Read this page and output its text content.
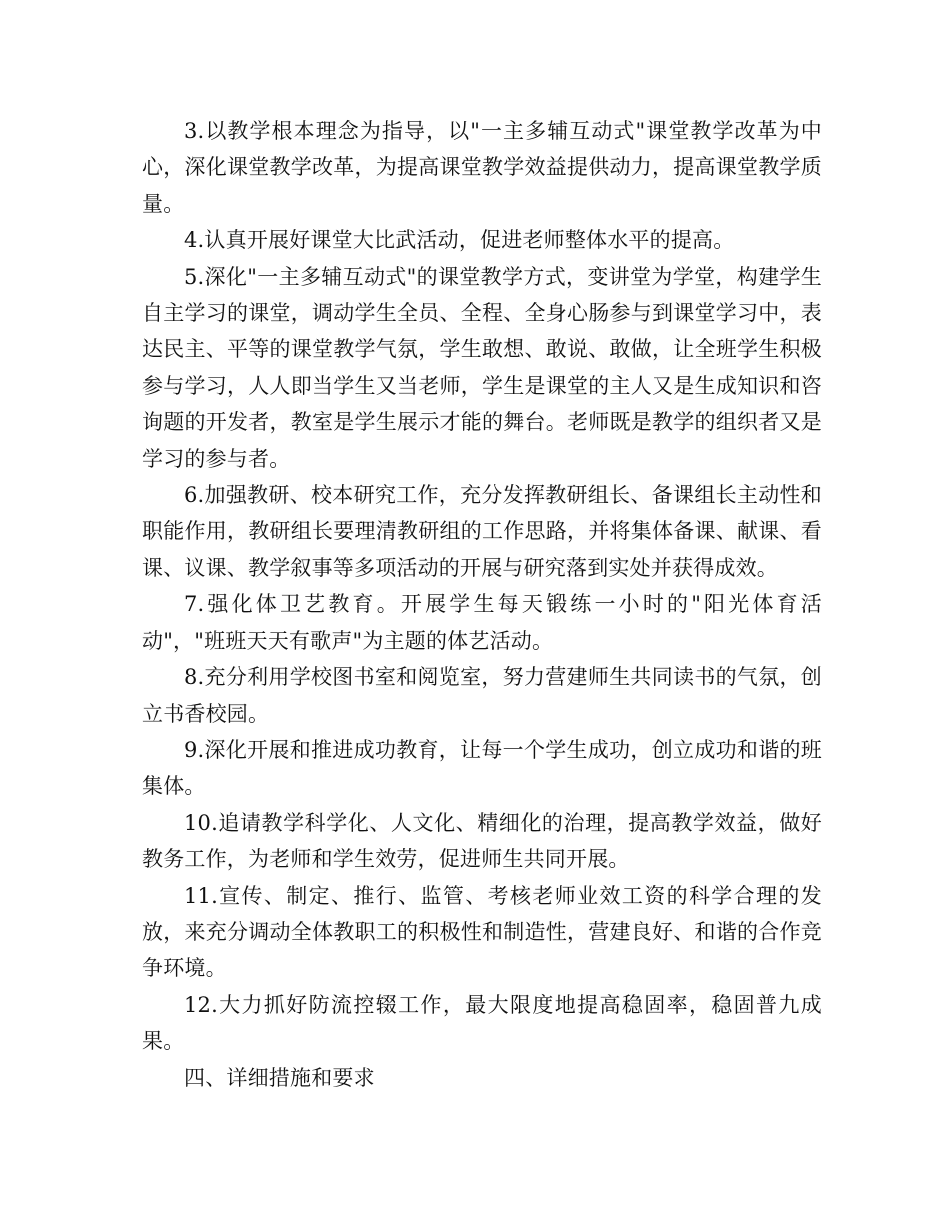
3.以教学根本理念为指导，以"一主多辅互动式"课堂教学改革为中心，深化课堂教学改革，为提高课堂教学效益提供动力，提高课堂教学质量。

4.认真开展好课堂大比武活动，促进老师整体水平的提高。

5.深化"一主多辅互动式"的课堂教学方式，变讲堂为学堂，构建学生自主学习的课堂，调动学生全员、全程、全身心肠参与到课堂学习中，表达民主、平等的课堂教学气氛，学生敢想、敢说、敢做，让全班学生积极参与学习，人人即当学生又当老师，学生是课堂的主人又是生成知识和咨询题的开发者，教室是学生展示才能的舞台。老师既是教学的组织者又是学习的参与者。

6.加强教研、校本研究工作，充分发挥教研组长、备课组长主动性和职能作用，教研组长要理清教研组的工作思路，并将集体备课、献课、看课、议课、教学叙事等多项活动的开展与研究落到实处并获得成效。

7.强化体卫艺教育。开展学生每天锻练一小时的"阳光体育活动"，"班班天天有歌声"为主题的体艺活动。

8.充分利用学校图书室和阅览室，努力营建师生共同读书的气氛，创立书香校园。

9.深化开展和推进成功教育，让每一个学生成功，创立成功和谐的班集体。

10.追请教学科学化、人文化、精细化的治理，提高教学效益，做好教务工作，为老师和学生效劳，促进师生共同开展。

11.宣传、制定、推行、监管、考核老师业效工资的科学合理的发放，来充分调动全体教职工的积极性和制造性，营建良好、和谐的合作竞争环境。

12.大力抓好防流控辍工作，最大限度地提高稳固率，稳固普九成果。

四、详细措施和要求
